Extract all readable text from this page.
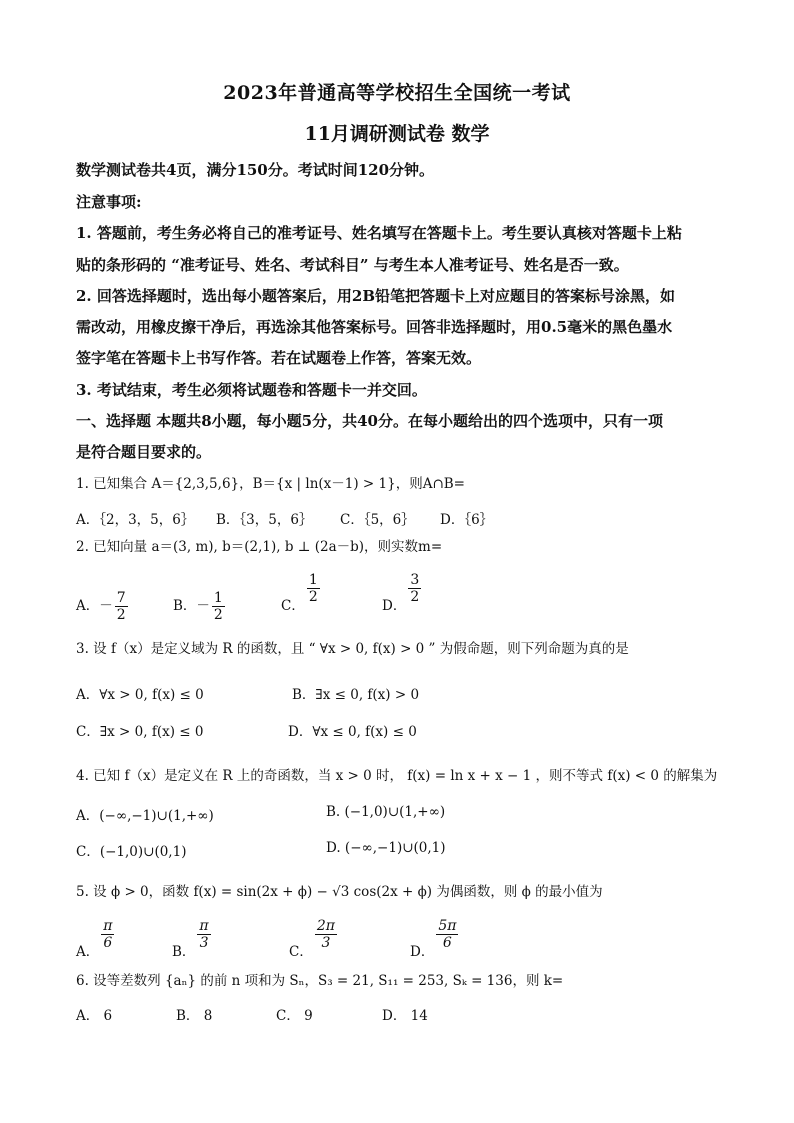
2023年普通高等学校招生全国统一考试
11月调研测试卷 数学
数学测试卷共4页，满分150分。考试时间120分钟。
注意事项:
1. 答题前，考生务必将自己的准考证号、姓名填写在答题卡上。考生要认真核对答题卡上粘
贴的条形码的 “准考证号、姓名、考试科目” 与考生本人准考证号、姓名是否一致。
2. 回答选择题时，选出每小题答案后，用2B铅笔把答题卡上对应题目的答案标号涂黑，如
需改动，用橡皮擦干净后，再选涂其他答案标号。回答非选择题时，用0.5毫米的黑色墨水
签字笔在答题卡上书写作答。若在试题卷上作答，答案无效。
3. 考试结束，考生必须将试题卷和答题卡一并交回。
一、选择题 本题共8小题，每小题5分，共40分。在每小题给出的四个选项中，只有一项
是符合题目要求的。
1. 已知集合 A＝{2,3,5,6}，B＝{x | ln(x－1) > 1}，则A∩B=
A．｛2，3，5，6｝ B．｛3，5，6｝ C．｛5，6｝ D．｛6｝
2. 已知向量 a＝(3, m), b＝(2,1), b ⊥ (2a－b)，则实数m=
A．－ $\frac{7}{2}$	B．－ $\frac{1}{2}$	C．
$\frac{1}{2}$
D．
$\frac{3}{2}$
3. 设 f（x）是定义域为 R 的函数，且 “ ∀x > 0, f(x) > 0 ” 为假命题，则下列命题为真的是
A．∀x > 0, f(x) ≤ 0	B．∃x ≤ 0, f(x) > 0
C．∃x > 0, f(x) ≤ 0	D．∀x ≤ 0, f(x) ≤ 0
4. 已知 f（x）是定义在 R 上的奇函数，当 x > 0 时， f(x) = ln x + x − 1 ，则不等式 f(x) < 0 的解集为
A．(−∞,−1)∪(1,+∞)	B. (−1,0)∪(1,+∞)
C．(−1,0)∪(0,1)	D. (−∞,−1)∪(0,1)
5. 设 ϕ > 0，函数 f(x) = sin(2x + ϕ) − √3 cos(2x + ϕ) 为偶函数，则 ϕ 的最小值为
A．
$\frac{\pi}{6}$
B．
$\frac{\pi}{3}$
C．
$\frac{2\pi}{3}$
D．
$\frac{5\pi}{6}$
6. 设等差数列 {aₙ} 的前 n 项和为 Sₙ，S₃ = 21, S₁₁ = 253, Sₖ = 136，则 k=
A． 6	B． 8	C． 9	D． 14
